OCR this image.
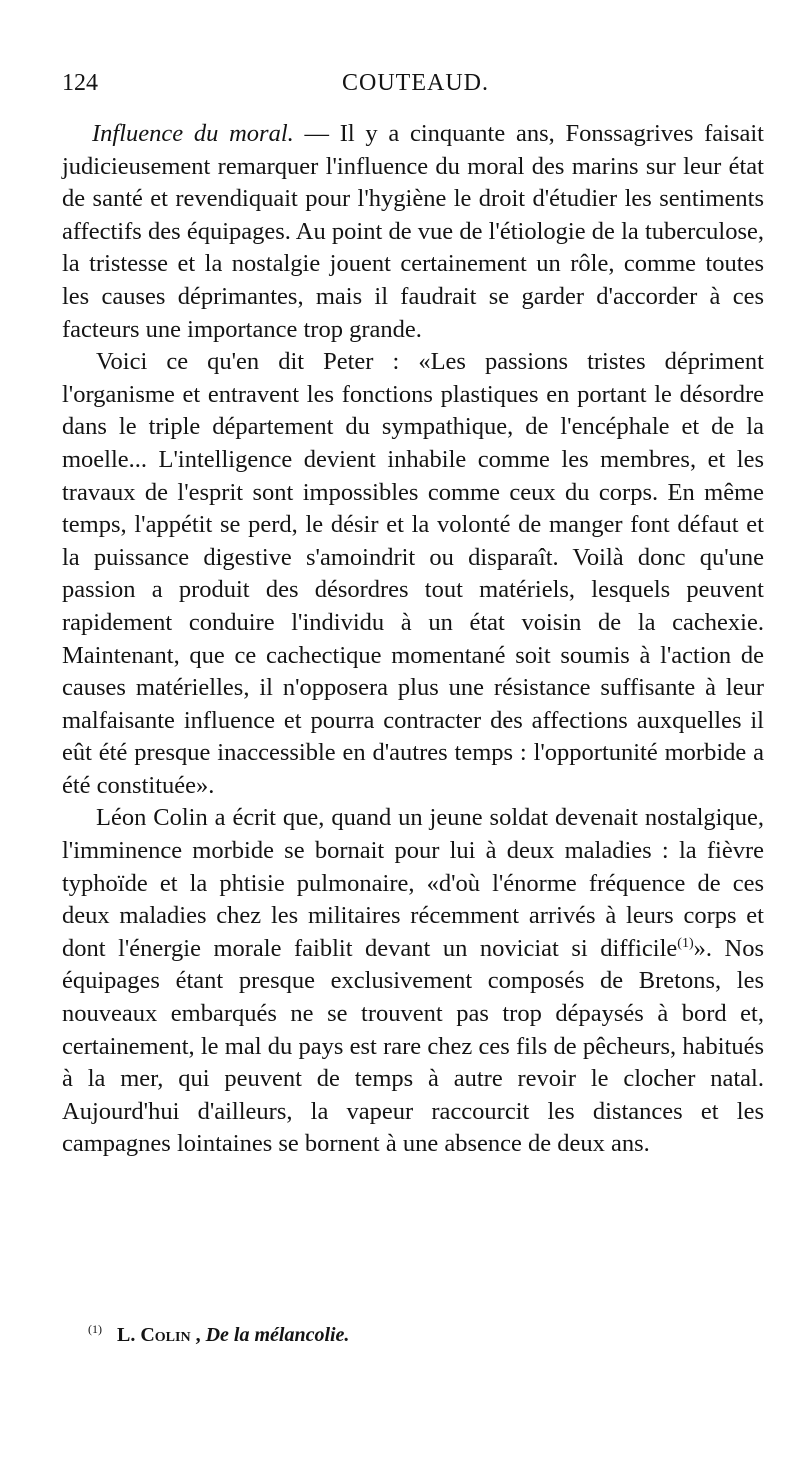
124	COUTEAUD.

Influence du moral. — Il y a cinquante ans, Fonssagrives faisait judicieusement remarquer l'influence du moral des marins sur leur état de santé et revendiquait pour l'hygiène le droit d'étudier les sentiments affectifs des équipages. Au point de vue de l'étiologie de la tuberculose, la tristesse et la nostalgie jouent certainement un rôle, comme toutes les causes déprimantes, mais il faudrait se garder d'accorder à ces facteurs une importance trop grande.

Voici ce qu'en dit Peter : «Les passions tristes dépriment l'organisme et entravent les fonctions plastiques en portant le désordre dans le triple département du sympathique, de l'encéphale et de la moelle... L'intelligence devient inhabile comme les membres, et les travaux de l'esprit sont impossibles comme ceux du corps. En même temps, l'appétit se perd, le désir et la volonté de manger font défaut et la puissance digestive s'amoindrit ou disparaît. Voilà donc qu'une passion a produit des désordres tout matériels, lesquels peuvent rapidement conduire l'individu à un état voisin de la cachexie. Maintenant, que ce cachectique momentané soit soumis à l'action de causes matérielles, il n'opposera plus une résistance suffisante à leur malfaisante influence et pourra contracter des affections auxquelles il eût été presque inaccessible en d'autres temps : l'opportunité morbide a été constituée».

Léon Colin a écrit que, quand un jeune soldat devenait nostalgique, l'imminence morbide se bornait pour lui à deux maladies : la fièvre typhoïde et la phtisie pulmonaire, «d'où l'énorme fréquence de ces deux maladies chez les militaires récemment arrivés à leurs corps et dont l'énergie morale faiblit devant un noviciat si difficile$^{(1)}$». Nos équipages étant presque exclusivement composés de Bretons, les nouveaux embarqués ne se trouvent pas trop dépaysés à bord et, certainement, le mal du pays est rare chez ces fils de pêcheurs, habitués à la mer, qui peuvent de temps à autre revoir le clocher natal. Aujourd'hui d'ailleurs, la vapeur raccourcit les distances et les campagnes lointaines se bornent à une absence de deux ans.

$^{(1)}$ L. Colin , De la mélancolie.
